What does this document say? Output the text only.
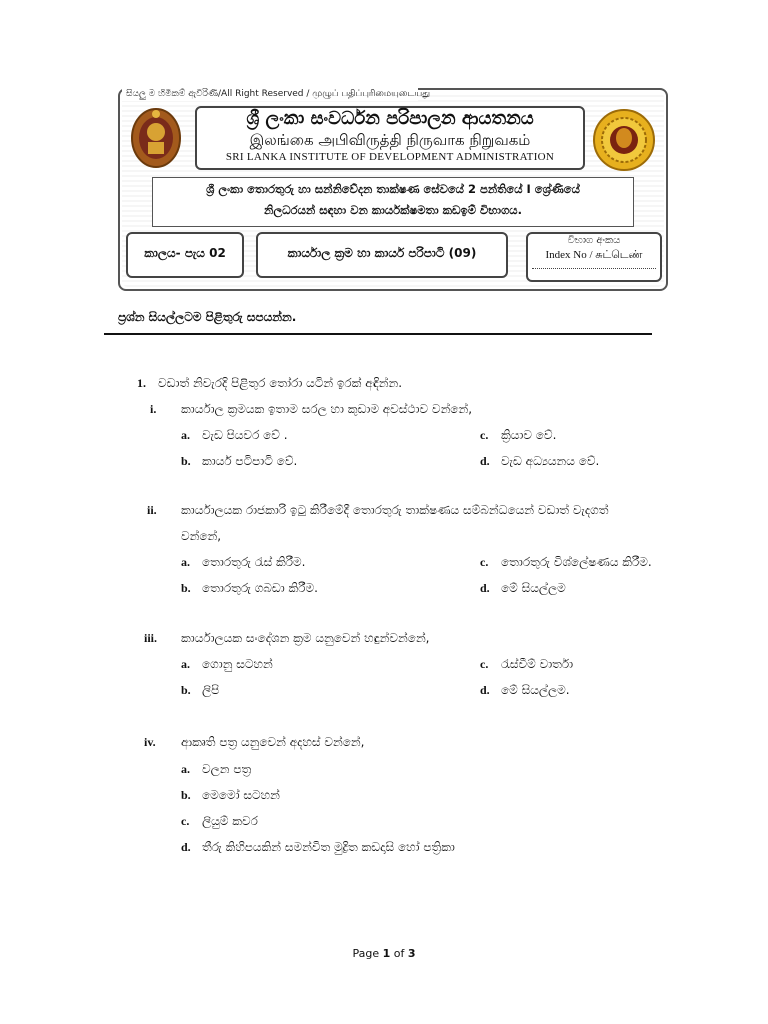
සියලු ම හිමිකම් ඇවිරිණි/All Right Reserved / முழுப் பதிப்புரிமையுடையது
ශ්‍රී ලංකා සංවර්ධන පරිපාලන ආයතනය
இலங்கை அபிவிருத்தி நிருவாக நிறுவகம்
SRI LANKA INSTITUTE OF DEVELOPMENT ADMINISTRATION
ශ්‍රී ලංකා තොරතුරු හා සන්නිවේදන තාක්ෂණ සේවයේ 2 පන්තියේ I ශ්‍රේණියේ
නිලධරයන් සඳහා වන කාර්යක්ෂමතා කඩඉම් විභාගය.
කාලය- පැය 02	කාර්යාල ක්‍රම හා කාර්ය පරිපාටි (09)
විභාග අංකය
Index No / சுட்டெண்
ප්‍රශ්න සියල්ලටම පිළිතුරු සපයන්න.
1. වඩාත් නිවැරදි පිළිතුර තෝරා යටින් ඉරක් අඳින්න.
i. කාර්යාල ක්‍රමයක ඉතාම සරල හා කුඩාම අවස්ථාව වන්නේ,
a. වැඩ පියවර වේ .	c. ක්‍රියාව වේ.
b. කාර්ය පටිපාටි වේ.	d. වැඩ අධ්‍යයනය වේ.
ii. කාර්යාලයක රාජකාරි ඉටු කිරීමේදී තොරතුරු තාක්ෂණය සම්බන්ධයෙන් වඩාත් වැදගත්
වන්නේ,
a. තොරතුරු රැස් කිරීම.	c. තොරතුරු විශ්ලේෂණය කිරීම.
b. තොරතුරු ගබඩා කිරීම.	d. මේ සියල්ලම
iii. කාර්යාලයක සංදේශන ක්‍රම යනුවෙන් හඳුන්වන්නේ,
a. ගොනු සටහන්	c. රැස්වීම් වාර්තා
b. ලිපි	d. මේ සියල්ලම.
iv. ආකෘති පත්‍ර යනුවෙන් අදහස් වන්නේ,
a. වලන පත්‍ර
b. මෙමෝ සටහන්
c. ලියුම් කවර
d. තීරු කිහිපයකින් සමන්විත මුද්‍රිත කඩදාසි හෝ පත්‍රිකා
Page 1 of 3
